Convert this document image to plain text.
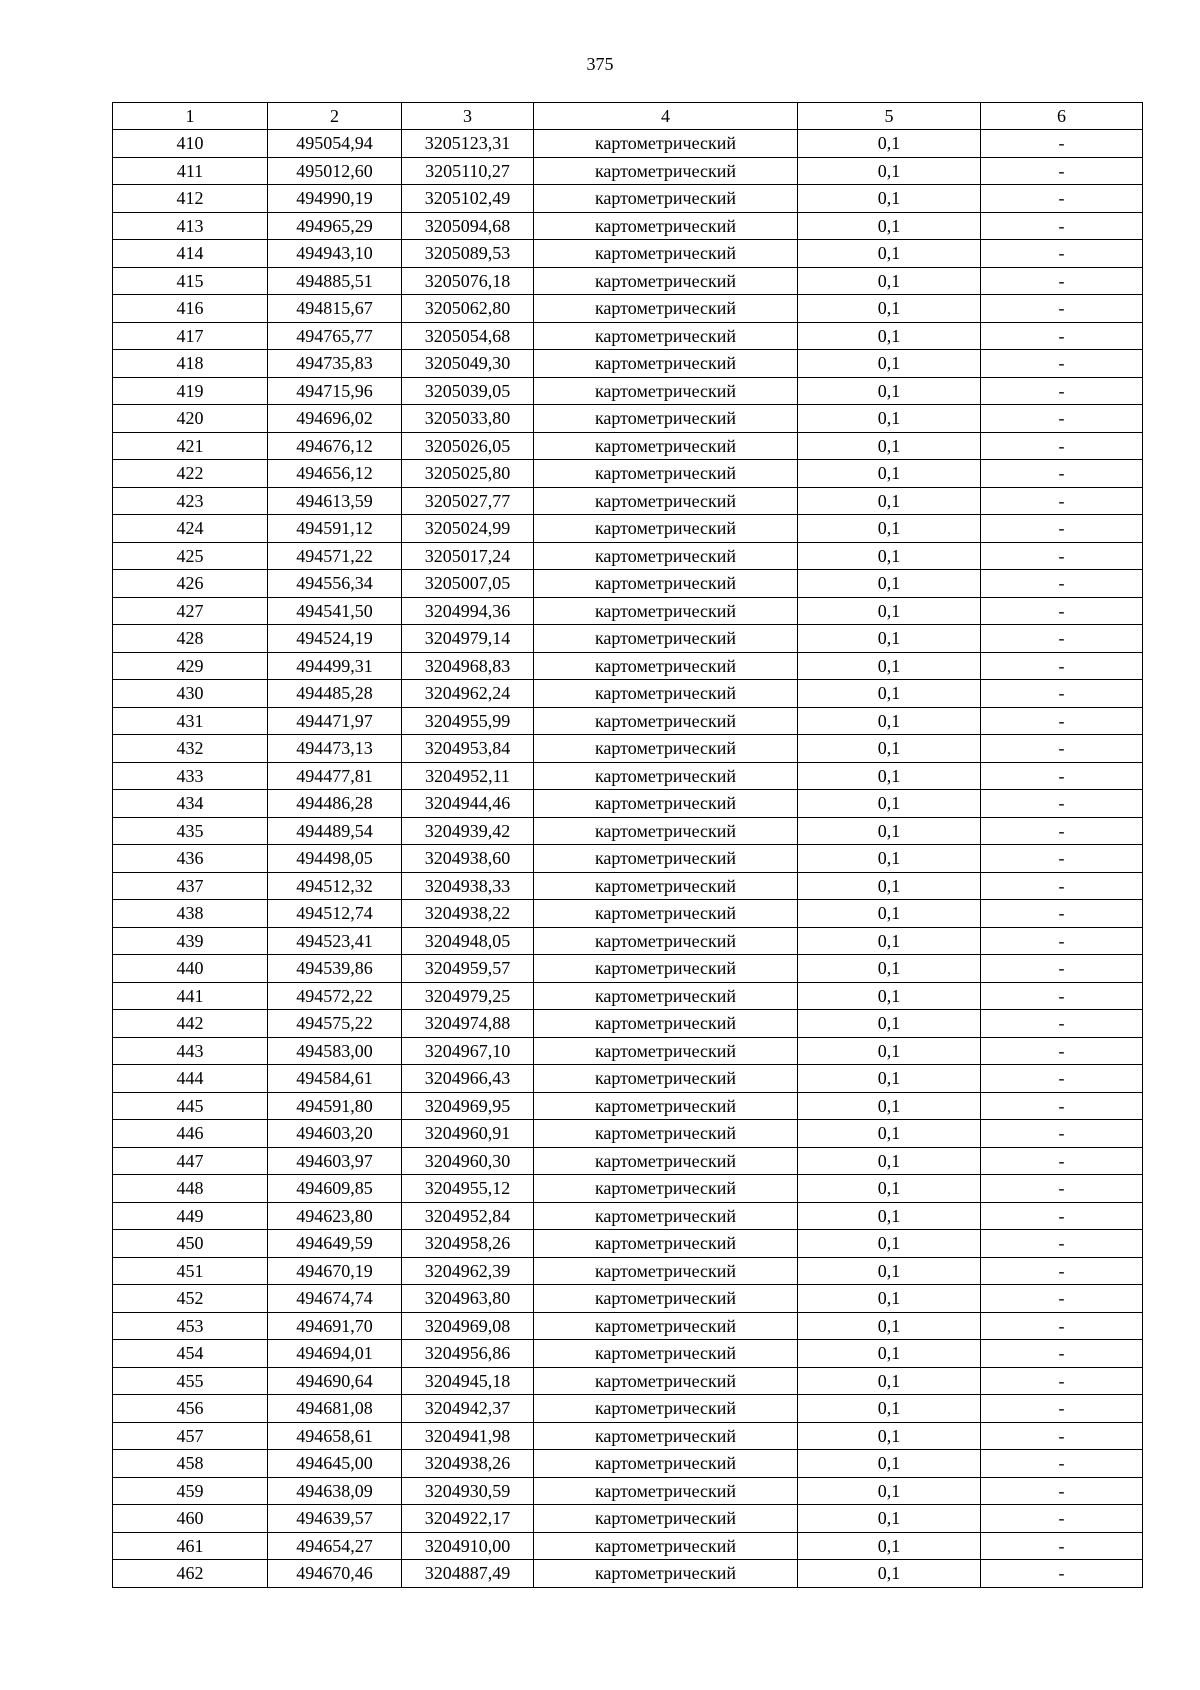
375
1	2	3	4	5	6
410	495054,94	3205123,31	картометрический	0,1	-
411	495012,60	3205110,27	картометрический	0,1	-
412	494990,19	3205102,49	картометрический	0,1	-
413	494965,29	3205094,68	картометрический	0,1	-
414	494943,10	3205089,53	картометрический	0,1	-
415	494885,51	3205076,18	картометрический	0,1	-
416	494815,67	3205062,80	картометрический	0,1	-
417	494765,77	3205054,68	картометрический	0,1	-
418	494735,83	3205049,30	картометрический	0,1	-
419	494715,96	3205039,05	картометрический	0,1	-
420	494696,02	3205033,80	картометрический	0,1	-
421	494676,12	3205026,05	картометрический	0,1	-
422	494656,12	3205025,80	картометрический	0,1	-
423	494613,59	3205027,77	картометрический	0,1	-
424	494591,12	3205024,99	картометрический	0,1	-
425	494571,22	3205017,24	картометрический	0,1	-
426	494556,34	3205007,05	картометрический	0,1	-
427	494541,50	3204994,36	картометрический	0,1	-
428	494524,19	3204979,14	картометрический	0,1	-
429	494499,31	3204968,83	картометрический	0,1	-
430	494485,28	3204962,24	картометрический	0,1	-
431	494471,97	3204955,99	картометрический	0,1	-
432	494473,13	3204953,84	картометрический	0,1	-
433	494477,81	3204952,11	картометрический	0,1	-
434	494486,28	3204944,46	картометрический	0,1	-
435	494489,54	3204939,42	картометрический	0,1	-
436	494498,05	3204938,60	картометрический	0,1	-
437	494512,32	3204938,33	картометрический	0,1	-
438	494512,74	3204938,22	картометрический	0,1	-
439	494523,41	3204948,05	картометрический	0,1	-
440	494539,86	3204959,57	картометрический	0,1	-
441	494572,22	3204979,25	картометрический	0,1	-
442	494575,22	3204974,88	картометрический	0,1	-
443	494583,00	3204967,10	картометрический	0,1	-
444	494584,61	3204966,43	картометрический	0,1	-
445	494591,80	3204969,95	картометрический	0,1	-
446	494603,20	3204960,91	картометрический	0,1	-
447	494603,97	3204960,30	картометрический	0,1	-
448	494609,85	3204955,12	картометрический	0,1	-
449	494623,80	3204952,84	картометрический	0,1	-
450	494649,59	3204958,26	картометрический	0,1	-
451	494670,19	3204962,39	картометрический	0,1	-
452	494674,74	3204963,80	картометрический	0,1	-
453	494691,70	3204969,08	картометрический	0,1	-
454	494694,01	3204956,86	картометрический	0,1	-
455	494690,64	3204945,18	картометрический	0,1	-
456	494681,08	3204942,37	картометрический	0,1	-
457	494658,61	3204941,98	картометрический	0,1	-
458	494645,00	3204938,26	картометрический	0,1	-
459	494638,09	3204930,59	картометрический	0,1	-
460	494639,57	3204922,17	картометрический	0,1	-
461	494654,27	3204910,00	картометрический	0,1	-
462	494670,46	3204887,49	картометрический	0,1	-
